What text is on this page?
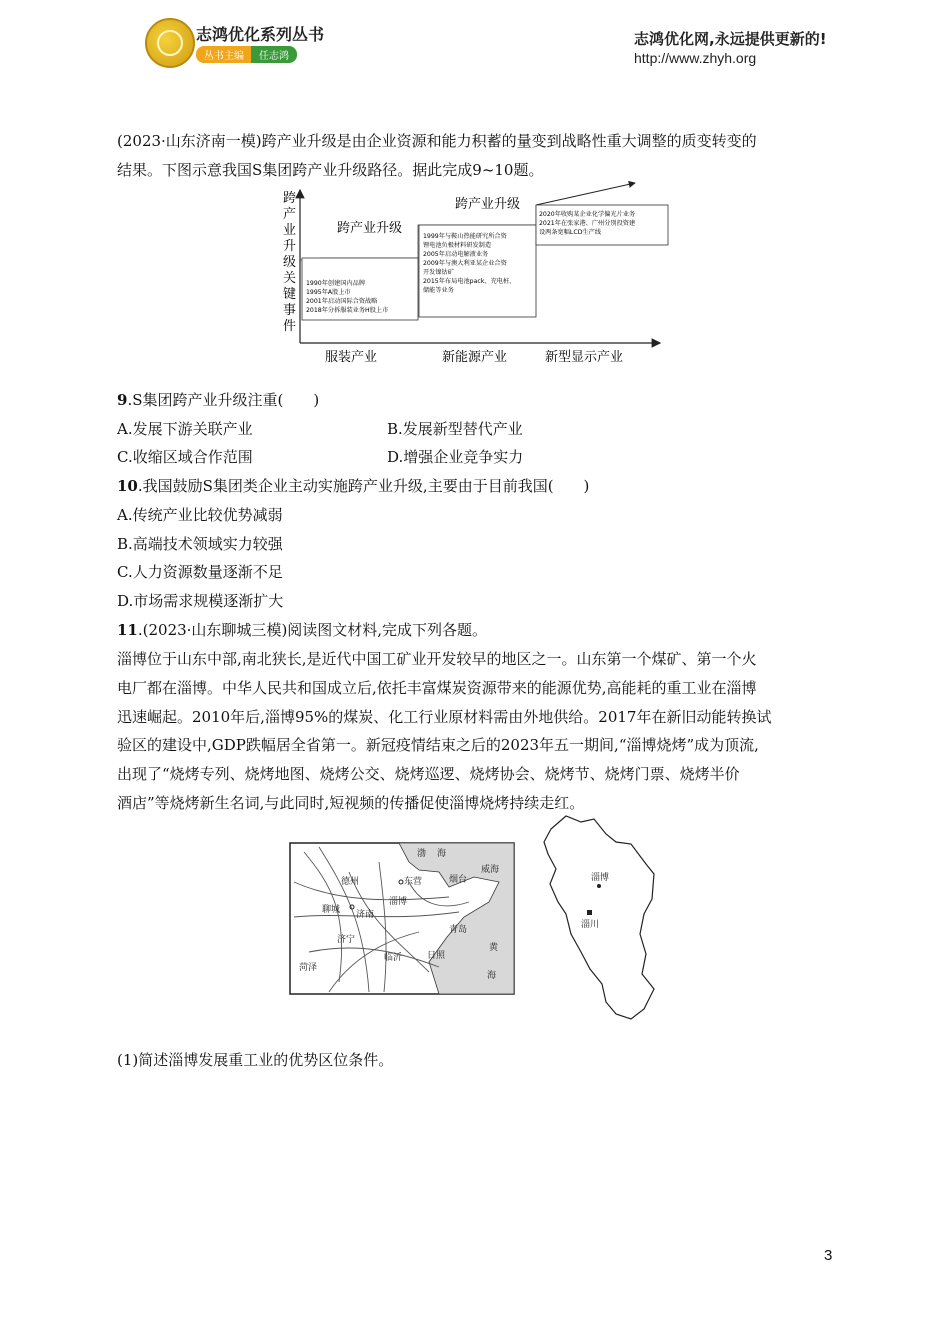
志鸿优化系列丛书
丛书主编	任志鸿
志鸿优化网,永远提供更新的!
http://www.zhyh.org
(2023·山东济南一模)跨产业升级是由企业资源和能力积蓄的量变到战略性重大调整的质变转变的
结果。下图示意我国S集团跨产业升级路径。据此完成9~10题。
跨
产
业
升
级
关
键
事
件
跨产业升级
跨产业升级
1990年创建国内品牌 1995年A股上市 2001年启动国际合资战略 2018年分拆服装业务H股上市
1999年与鞍山热能研究所合资 锂电池负极材料研发制造 2005年启动电解液业务 2009年与澳大利亚某企业合资 开发镍钴矿 2015年布局电池pack、充电桩、 储能等业务
2020年收购某企业化学偏光片业务 2021年在张家港、广州分别投资建 设两条宽幅LCD生产线
服装产业	新能源产业	新型显示产业
9.S集团跨产业升级注重(　　)
A.发展下游关联产业	B.发展新型替代产业
C.收缩区域合作范围	D.增强企业竞争实力
10.我国鼓励S集团类企业主动实施跨产业升级,主要由于目前我国(　　)
A.传统产业比较优势减弱
B.高端技术领域实力较强
C.人力资源数量逐渐不足
D.市场需求规模逐渐扩大
11.(2023·山东聊城三模)阅读图文材料,完成下列各题。
淄博位于山东中部,南北狭长,是近代中国工矿业开发较早的地区之一。山东第一个煤矿、第一个火
电厂都在淄博。中华人民共和国成立后,依托丰富煤炭资源带来的能源优势,高能耗的重工业在淄博
迅速崛起。2010年后,淄博95%的煤炭、化工行业原材料需由外地供给。2017年在新旧动能转换试
验区的建设中,GDP跌幅居全省第一。新冠疫情结束之后的2023年五一期间,“淄博烧烤”成为顶流,
出现了“烧烤专列、烧烤地图、烧烤公交、烧烤巡逻、烧烤协会、烧烤节、烧烤门票、烧烤半价
酒店”等烧烤新生名词,与此同时,短视频的传播促使淄博烧烤持续走红。
渤 海
威海
烟台
德州	东营
聊城 济南
淄博
济宁
青岛
菏泽
临沂	日照
黄
海
淄博
淄川
(1)简述淄博发展重工业的优势区位条件。
3
